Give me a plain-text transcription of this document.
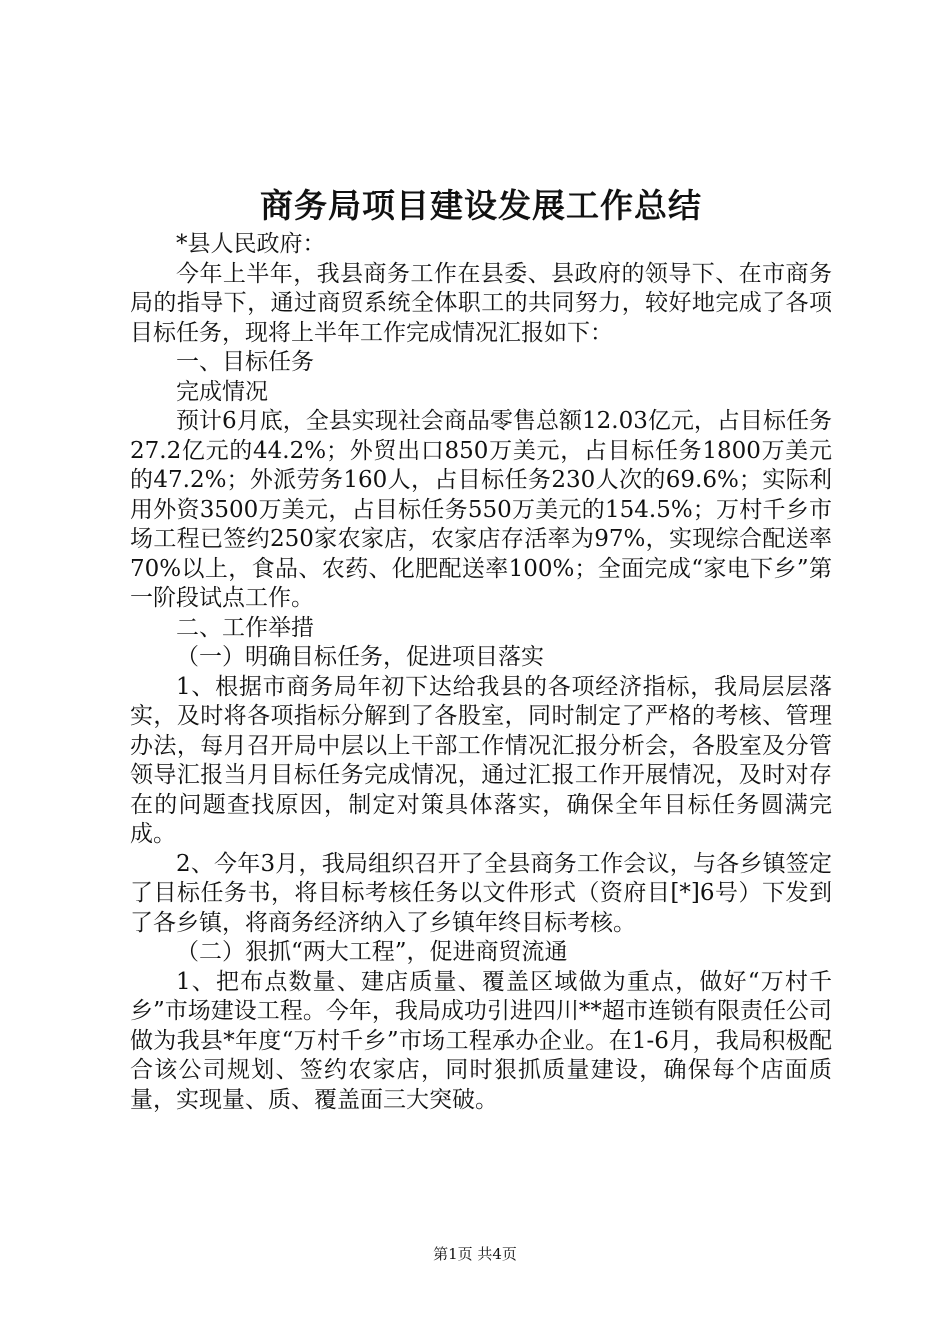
商务局项目建设发展工作总结

*县人民政府：

今年上半年，我县商务工作在县委、县政府的领导下、在市商务局的指导下，通过商贸系统全体职工的共同努力，较好地完成了各项目标任务，现将上半年工作完成情况汇报如下：

一、目标任务

完成情况

预计6月底，全县实现社会商品零售总额12.03亿元，占目标任务27.2亿元的44.2%；外贸出口850万美元，占目标任务1800万美元的47.2%；外派劳务160人，占目标任务230人次的69.6%；实际利用外资3500万美元，占目标任务550万美元的154.5%；万村千乡市场工程已签约250家农家店，农家店存活率为97%，实现综合配送率70%以上，食品、农药、化肥配送率100%；全面完成“家电下乡”第一阶段试点工作。

二、工作举措

（一）明确目标任务，促进项目落实

1、根据市商务局年初下达给我县的各项经济指标，我局层层落实，及时将各项指标分解到了各股室，同时制定了严格的考核、管理办法，每月召开局中层以上干部工作情况汇报分析会，各股室及分管领导汇报当月目标任务完成情况，通过汇报工作开展情况，及时对存在的问题查找原因，制定对策具体落实，确保全年目标任务圆满完成。

2、今年3月，我局组织召开了全县商务工作会议，与各乡镇签定了目标任务书，将目标考核任务以文件形式（资府目[*]6号）下发到了各乡镇，将商务经济纳入了乡镇年终目标考核。

（二）狠抓“两大工程”，促进商贸流通

1、把布点数量、建店质量、覆盖区域做为重点，做好“万村千乡”市场建设工程。今年，我局成功引进四川**超市连锁有限责任公司做为我县*年度“万村千乡”市场工程承办企业。在1-6月，我局积极配合该公司规划、签约农家店，同时狠抓质量建设，确保每个店面质量，实现量、质、覆盖面三大突破。

第1页 共4页
